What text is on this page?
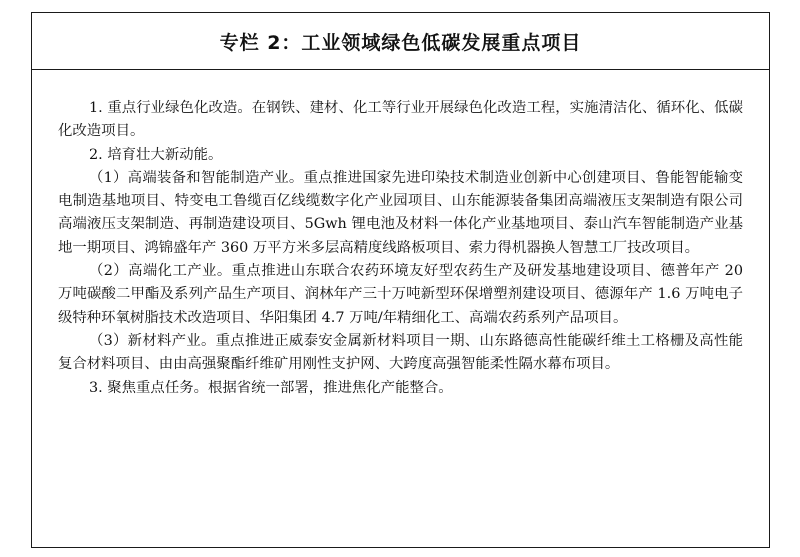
专栏 2：工业领域绿色低碳发展重点项目

1. 重点行业绿色化改造。在钢铁、建材、化工等行业开展绿色化改造工程，实施清洁化、循环化、低碳化改造项目。

2. 培育壮大新动能。

（1）高端装备和智能制造产业。重点推进国家先进印染技术制造业创新中心创建项目、鲁能智能输变电制造基地项目、特变电工鲁缆百亿线缆数字化产业园项目、山东能源装备集团高端液压支架制造有限公司高端液压支架制造、再制造建设项目、5Gwh 锂电池及材料一体化产业基地项目、泰山汽车智能制造产业基地一期项目、鸿锦盛年产 360 万平方米多层高精度线路板项目、索力得机器换人智慧工厂技改项目。

（2）高端化工产业。重点推进山东联合农药环境友好型农药生产及研发基地建设项目、德普年产 20 万吨碳酸二甲酯及系列产品生产项目、润林年产三十万吨新型环保增塑剂建设项目、德源年产 1.6 万吨电子级特种环氧树脂技术改造项目、华阳集团 4.7 万吨/年精细化工、高端农药系列产品项目。

（3）新材料产业。重点推进正威泰安金属新材料项目一期、山东路德高性能碳纤维土工格栅及高性能复合材料项目、由由高强聚酯纤维矿用刚性支护网、大跨度高强智能柔性隔水幕布项目。

3. 聚焦重点任务。根据省统一部署，推进焦化产能整合。
